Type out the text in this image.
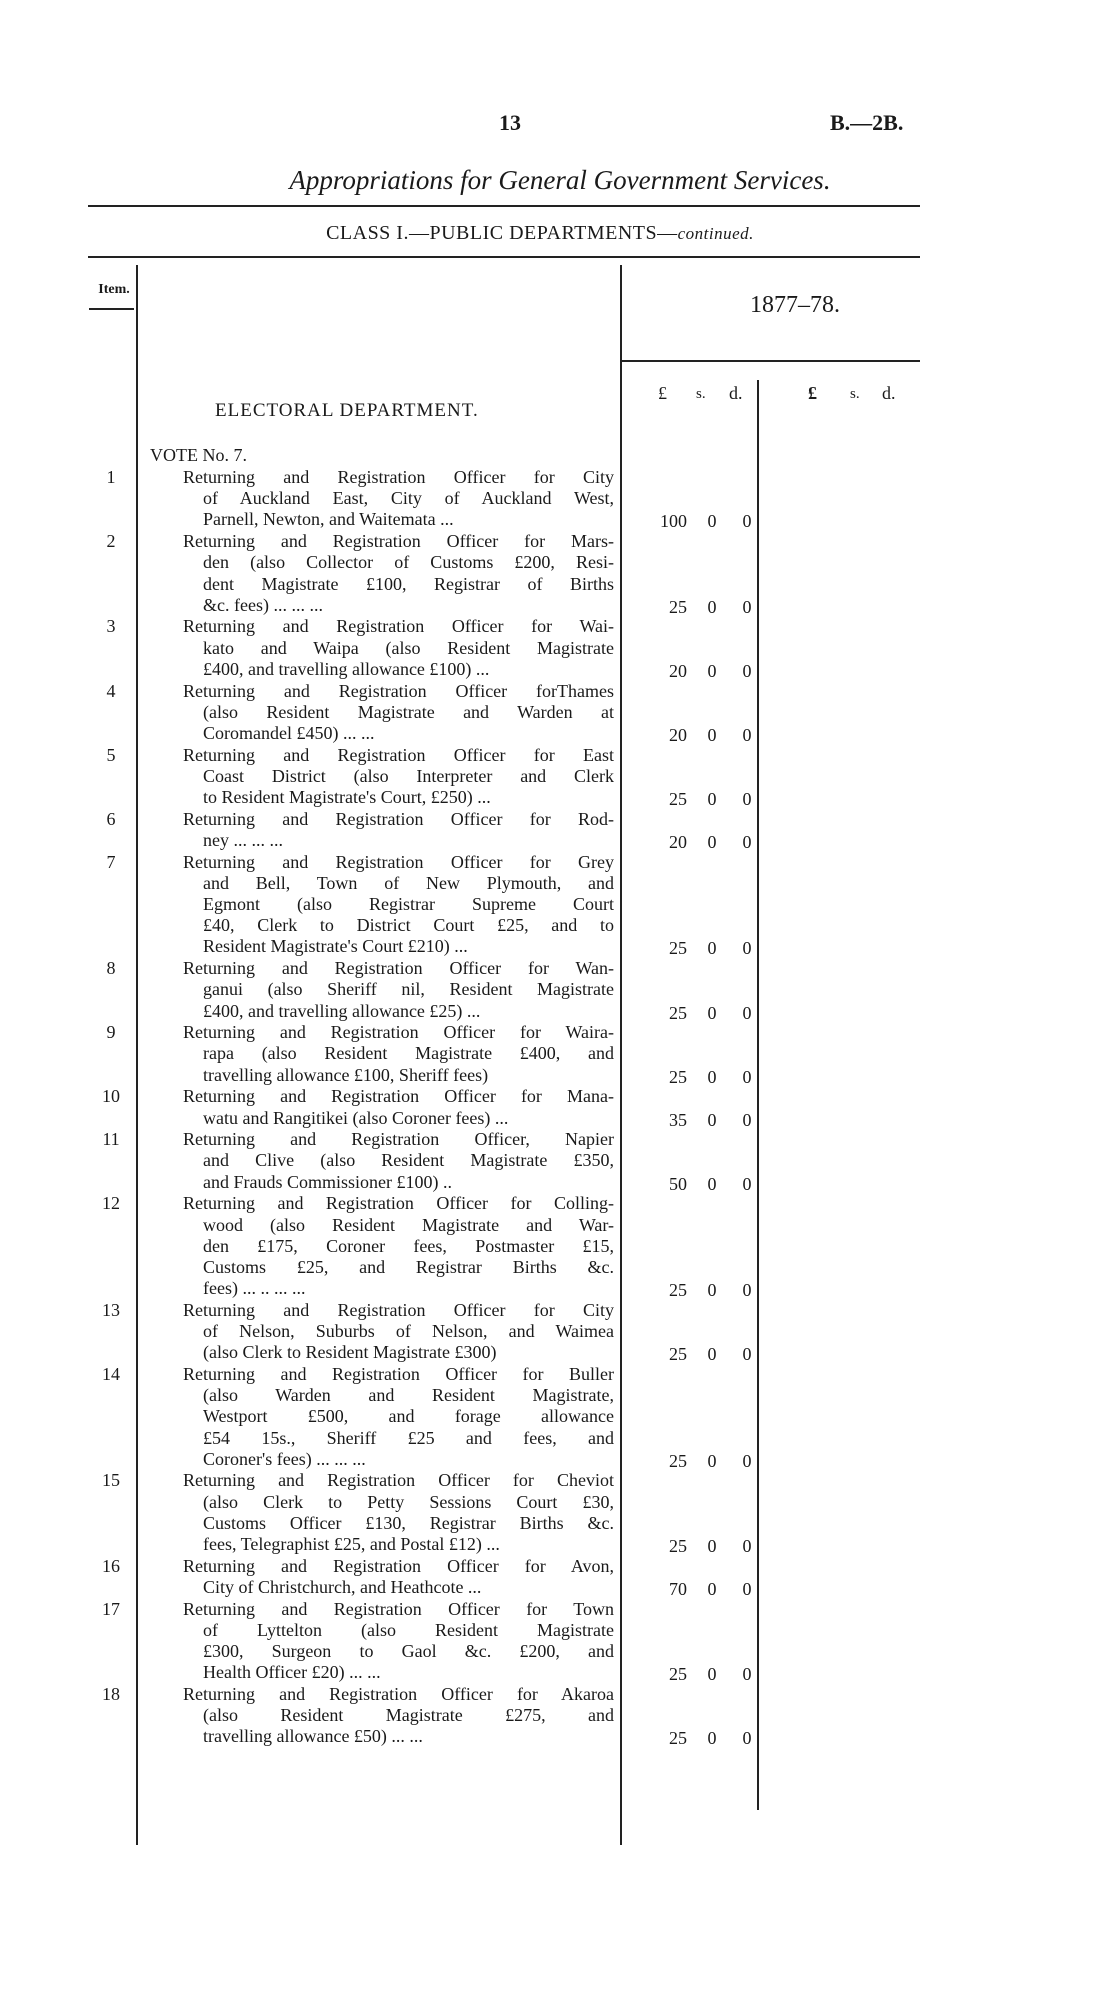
13	B.—2B.
Appropriations for General Government Services.
CLASS I.—PUBLIC DEPARTMENTS—continued.
Item.
1877–78.
£ s. d.	£ s. d.
ELECTORAL DEPARTMENT.
VOTE No. 7.
1	Returning and Registration Officer for City
of Auckland East, City of Auckland West,
Parnell, Newton, and Waitemata ...	100	0	0
2	Returning and Registration Officer for Mars-
den (also Collector of Customs £200, Resi-
dent Magistrate £100, Registrar of Births
&c. fees) ... ... ...	25	0	0
3	Returning and Registration Officer for Wai-
kato and Waipa (also Resident Magistrate
£400, and travelling allowance £100) ...	20	0	0
4	Returning and Registration Officer forThames
(also Resident Magistrate and Warden at
Coromandel £450) ... ...	20	0	0
5	Returning and Registration Officer for East
Coast District (also Interpreter and Clerk
to Resident Magistrate's Court, £250) ...	25	0	0
6	Returning and Registration Officer for Rod-
ney ... ... ...	20	0	0
7	Returning and Registration Officer for Grey
and Bell, Town of New Plymouth, and
Egmont (also Registrar Supreme Court
£40, Clerk to District Court £25, and to
Resident Magistrate's Court £210) ...	25	0	0
8	Returning and Registration Officer for Wan-
ganui (also Sheriff nil, Resident Magistrate
£400, and travelling allowance £25) ...	25	0	0
9	Returning and Registration Officer for Waira-
rapa (also Resident Magistrate £400, and
travelling allowance £100, Sheriff fees)	25	0	0
10	Returning and Registration Officer for Mana-
watu and Rangitikei (also Coroner fees) ...	35	0	0
11	Returning and Registration Officer, Napier
and Clive (also Resident Magistrate £350,
and Frauds Commissioner £100) ..	50	0	0
12	Returning and Registration Officer for Colling-
wood (also Resident Magistrate and War-
den £175, Coroner fees, Postmaster £15,
Customs £25, and Registrar Births &c.
fees) ... .. ... ...	25	0	0
13	Returning and Registration Officer for City
of Nelson, Suburbs of Nelson, and Waimea
(also Clerk to Resident Magistrate £300)	25	0	0
14	Returning and Registration Officer for Buller
(also Warden and Resident Magistrate,
Westport £500, and forage allowance
£54 15s., Sheriff £25 and fees, and
Coroner's fees) ... ... ...	25	0	0
15	Returning and Registration Officer for Cheviot
(also Clerk to Petty Sessions Court £30,
Customs Officer £130, Registrar Births &c.
fees, Telegraphist £25, and Postal £12) ...	25	0	0
16	Returning and Registration Officer for Avon,
City of Christchurch, and Heathcote ...	70	0	0
17	Returning and Registration Officer for Town
of Lyttelton (also Resident Magistrate
£300, Surgeon to Gaol &c. £200, and
Health Officer £20) ... ...	25	0	0
18	Returning and Registration Officer for Akaroa
(also Resident Magistrate £275, and
travelling allowance £50) ... ...	25	0	0
